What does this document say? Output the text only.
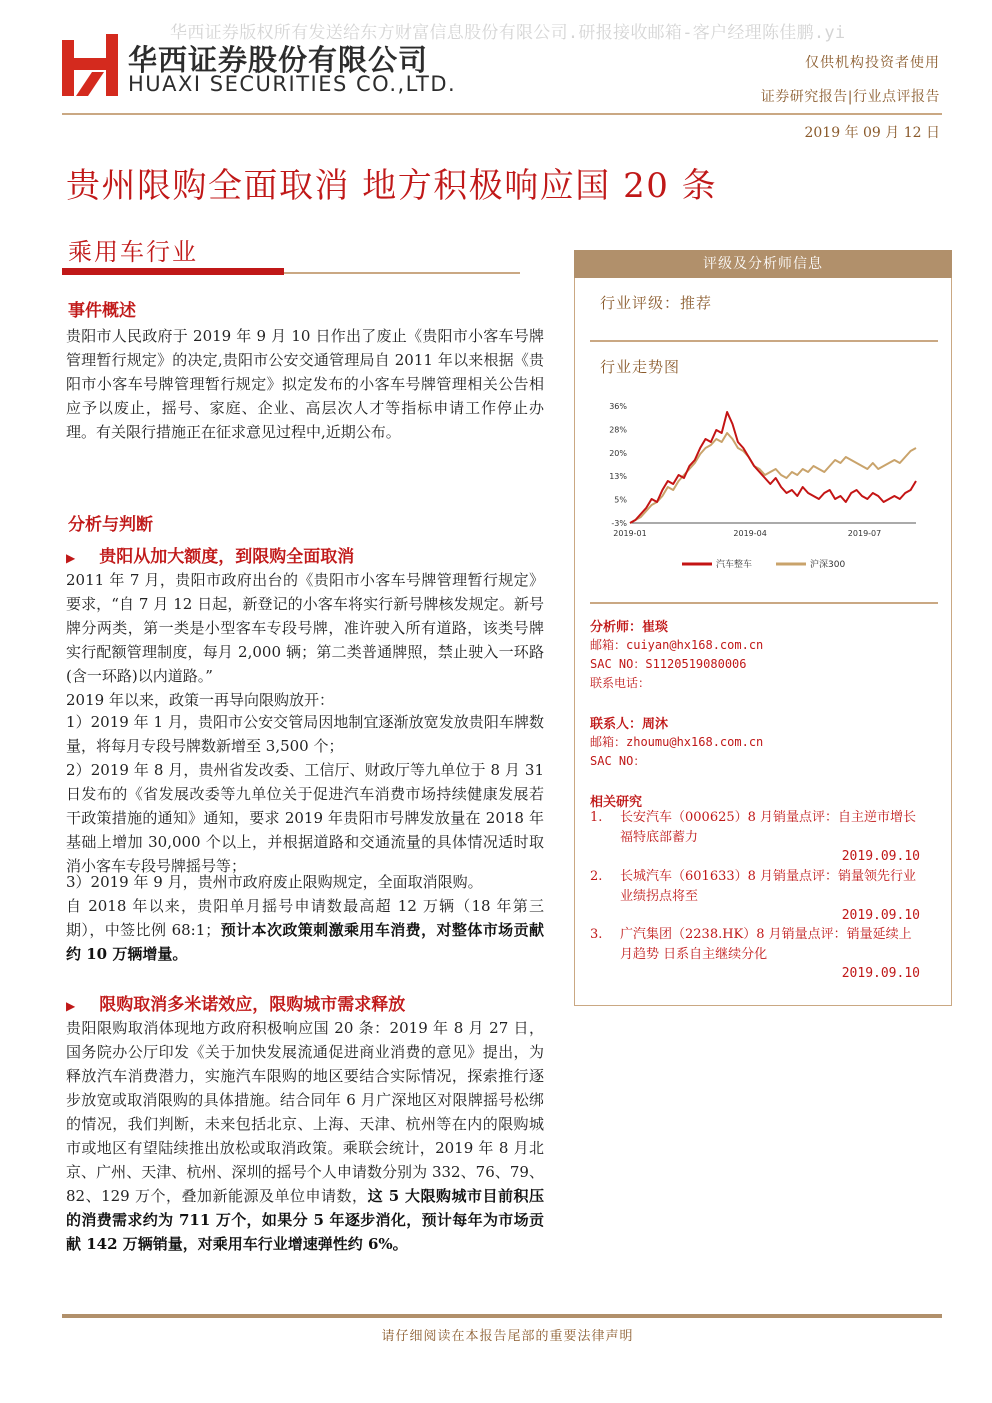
华西证券版权所有发送给东方财富信息股份有限公司.研报接收邮箱-客户经理陈佳鹏.yi
华西证券股份有限公司
HUAXI SECURITIES CO.,LTD.
仅供机构投资者使用
证券研究报告|行业点评报告
2019 年 09 月 12 日
贵州限购全面取消 地方积极响应国 20 条
乘用车行业
事件概述
贵阳市人民政府于 2019 年 9 月 10 日作出了废止《贵阳市小客车号牌管理暂行规定》的决定,贵阳市公安交通管理局自 2011 年以来根据《贵阳市小客车号牌管理暂行规定》拟定发布的小客车号牌管理相关公告相应予以废止，摇号、家庭、企业、高层次人才等指标申请工作停止办理。有关限行措施正在征求意见过程中,近期公布。
分析与判断
▶ 贵阳从加大额度，到限购全面取消
2011 年 7 月，贵阳市政府出台的《贵阳市小客车号牌管理暂行规定》要求，“自 7 月 12 日起，新登记的小客车将实行新号牌核发规定。新号牌分两类，第一类是小型客车专段号牌，准许驶入所有道路，该类号牌实行配额管理制度，每月 2,000 辆；第二类普通牌照，禁止驶入一环路(含一环路)以内道路。”
2019 年以来，政策一再导向限购放开：
1）2019 年 1 月，贵阳市公安交管局因地制宜逐渐放宽发放贵阳车牌数量，将每月专段号牌数新增至 3,500 个；
2）2019 年 8 月，贵州省发改委、工信厅、财政厅等九单位于 8 月 31 日发布的《省发展改委等九单位关于促进汽车消费市场持续健康发展若干政策措施的通知》通知，要求 2019 年贵阳市号牌发放量在 2018 年基础上增加 30,000 个以上，并根据道路和交通流量的具体情况适时取消小客车专段号牌摇号等；
3）2019 年 9 月，贵州市政府废止限购规定，全面取消限购。
自 2018 年以来，贵阳单月摇号申请数最高超 12 万辆（18 年第三期），中签比例 68:1；预计本次政策刺激乘用车消费，对整体市场贡献约 10 万辆增量。
▶ 限购取消多米诺效应，限购城市需求释放
贵阳限购取消体现地方政府积极响应国 20 条：2019 年 8 月 27 日，国务院办公厅印发《关于加快发展流通促进商业消费的意见》提出，为释放汽车消费潜力，实施汽车限购的地区要结合实际情况，探索推行逐步放宽或取消限购的具体措施。结合同年 6 月广深地区对限牌摇号松绑的情况，我们判断，未来包括北京、上海、天津、杭州等在内的限购城市或地区有望陆续推出放松或取消政策。乘联会统计，2019 年 8 月北京、广州、天津、杭州、深圳的摇号个人申请数分别为 332、76、79、82、129 万个，叠加新能源及单位申请数，这 5 大限购城市目前积压的消费需求约为 711 万个，如果分 5 年逐步消化，预计每年为市场贡献 142 万辆销量，对乘用车行业增速弹性约 6%。
评级及分析师信息
行业评级：推荐
行业走势图
36%
28%
20%
13%
5%
-3%
2019-01	2019-04	2019-07
汽车整车	沪深300
分析师：崔琰
邮箱：cuiyan@hx168.com.cn
SAC NO：S1120519080006
联系电话：
联系人：周沐
邮箱：zhoumu@hx168.com.cn
SAC NO：
相关研究
1.	长安汽车（000625）8 月销量点评：自主逆市增长 福特底部蓄力
2019.09.10
2.	长城汽车（601633）8 月销量点评：销量领先行业 业绩拐点将至
2019.09.10
3.	广汽集团（2238.HK）8 月销量点评：销量延续上月趋势 日系自主继续分化
2019.09.10
请仔细阅读在本报告尾部的重要法律声明
